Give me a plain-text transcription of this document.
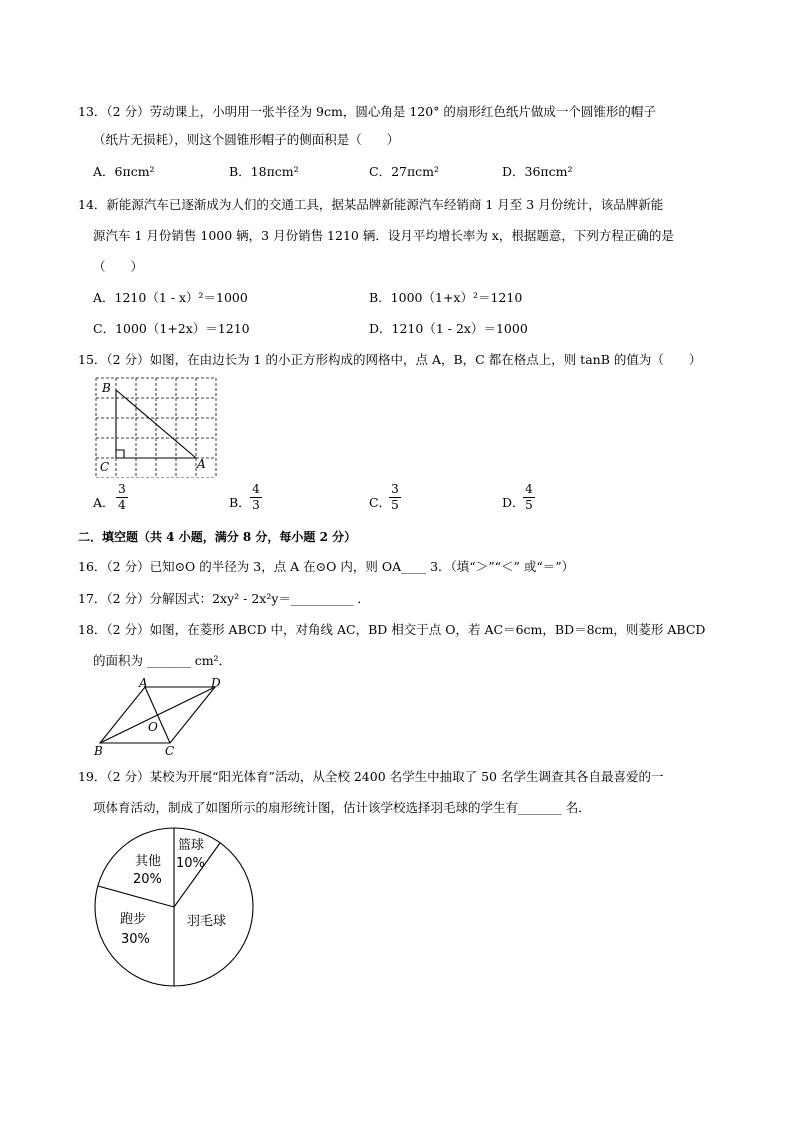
13．（2 分）劳动课上，小明用一张半径为 9cm，圆心角是 120° 的扇形红色纸片做成一个圆锥形的帽子
（纸片无损耗），则这个圆锥形帽子的侧面积是（　　）
A．6πcm²	B．18πcm²	C．27πcm²	D．36πcm²
14．新能源汽车已逐渐成为人们的交通工具，据某品牌新能源汽车经销商 1 月至 3 月份统计，该品牌新能
源汽车 1 月份销售 1000 辆，3 月份销售 1210 辆．设月平均增长率为 x，根据题意，下列方程正确的是
（　　）
A．1210（1 - x）²＝1000	B．1000（1+x）²＝1210
C．1000（1+2x）＝1210	D．1210（1 - 2x）＝1000
15．（2 分）如图，在由边长为 1 的小正方形构成的网格中，点 A，B，C 都在格点上，则 tanB 的值为（　　）
B
C	A
A．
3
4	B．
4
3	C．
3
5	D．
4
5
二．填空题（共 4 小题，满分 8 分，每小题 2 分）
16．（2 分）已知⊙O 的半径为 3，点 A 在⊙O 内，则 OA____ 3．（填“＞”“＜” 或“＝”）
17．（2 分）分解因式：2xy² - 2x²y＝__________ ．
18．（2 分）如图，在菱形 ABCD 中，对角线 AC，BD 相交于点 O，若 AC＝6cm，BD＝8cm，则菱形 ABCD
的面积为 _______ cm²．
A	D
O
B	C
19．（2 分）某校为开展“阳光体育”活动，从全校 2400 名学生中抽取了 50 名学生调查其各自最喜爱的一
项体育活动，制成了如图所示的扇形统计图，估计该学校选择羽毛球的学生有_______ 名．
篮球
10%
羽毛球
跑步
30%
其他
20%
